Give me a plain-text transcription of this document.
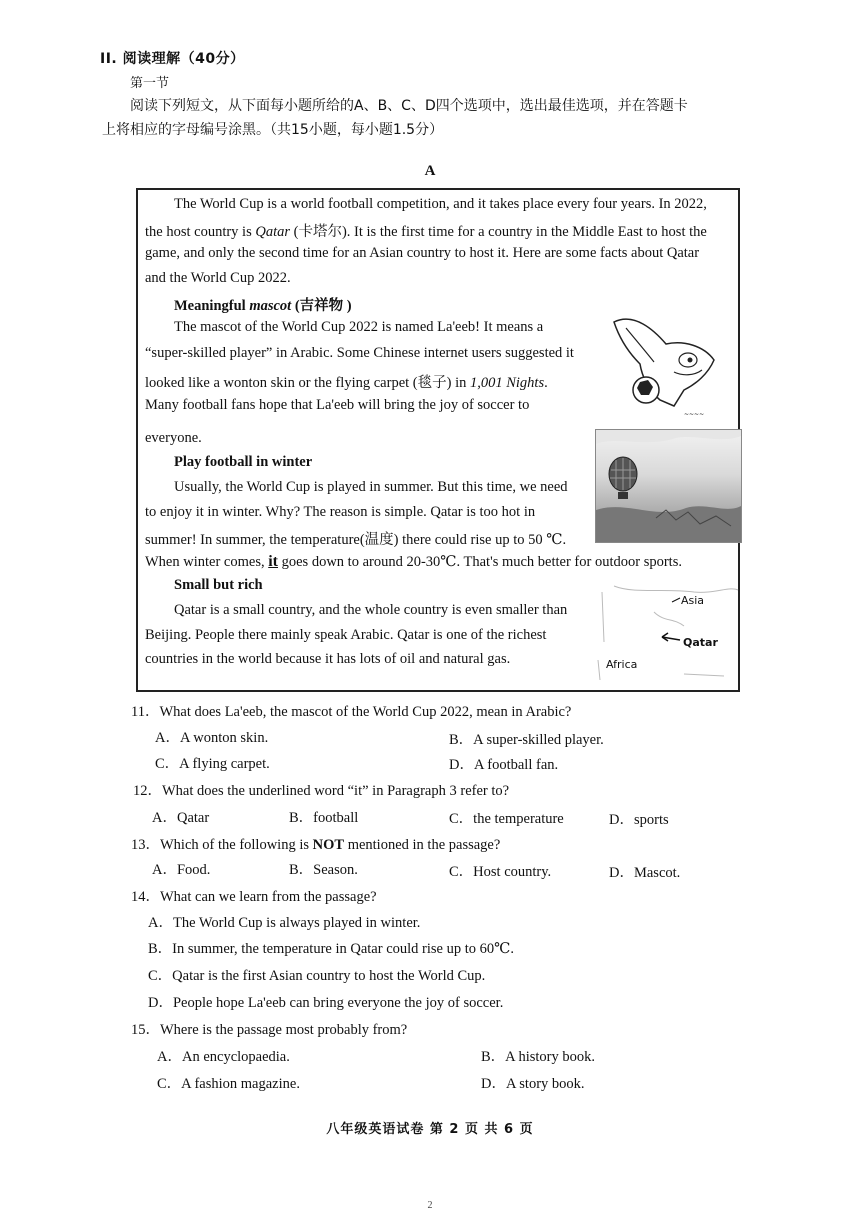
II. 阅读理解（40分）
第一节
阅读下列短文，从下面每小题所给的A、B、C、D四个选项中，选出最佳选项，并在答题卡
上将相应的字母编号涂黑。（共15小题，每小题1.5分）
A
The World Cup is a world football competition, and it takes place every four years. In 2022,
the host country is Qatar (卡塔尔). It is the first time for a country in the Middle East to host the
game, and only the second time for an Asian country to host it. Here are some facts about Qatar
and the World Cup 2022.
Meaningful mascot (吉祥物 )
The mascot of the World Cup 2022 is named La'eeb! It means a
“super-skilled player” in Arabic. Some Chinese internet users suggested it
looked like a wonton skin or the flying carpet (毯子) in 1,001 Nights.
Many football fans hope that La'eeb will bring the joy of soccer to
everyone.
~~~~
Play football in winter
Usually, the World Cup is played in summer. But this time, we need
to enjoy it in winter. Why? The reason is simple. Qatar is too hot in
summer! In summer, the temperature(温度) there could rise up to 50 ℃.
When winter comes, it goes down to around 20-30℃. That's much better for outdoor sports.
Small but rich
Qatar is a small country, and the whole country is even smaller than
Beijing. People there mainly speak Arabic. Qatar is one of the richest
countries in the world because it has lots of oil and natural gas.
Asia
Qatar
Africa
11．What does La'eeb, the mascot of the World Cup 2022, mean in Arabic?
A．A wonton skin.	B．A super-skilled player.
C．A flying carpet.	D．A football fan.
12．What does the underlined word “it” in Paragraph 3 refer to?
A．Qatar	B．football	C．the temperature	D．sports
13．Which of the following is NOT mentioned in the passage?
A．Food.	B．Season.	C．Host country.	D．Mascot.
14．What can we learn from the passage?
A．The World Cup is always played in winter.
B．In summer, the temperature in Qatar could rise up to 60℃.
C．Qatar is the first Asian country to host the World Cup.
D．People hope La'eeb can bring everyone the joy of soccer.
15．Where is the passage most probably from?
A．An encyclopaedia.	B．A history book.
C．A fashion magazine.	D．A story book.
八年级英语试卷 第 2 页 共 6 页
2
